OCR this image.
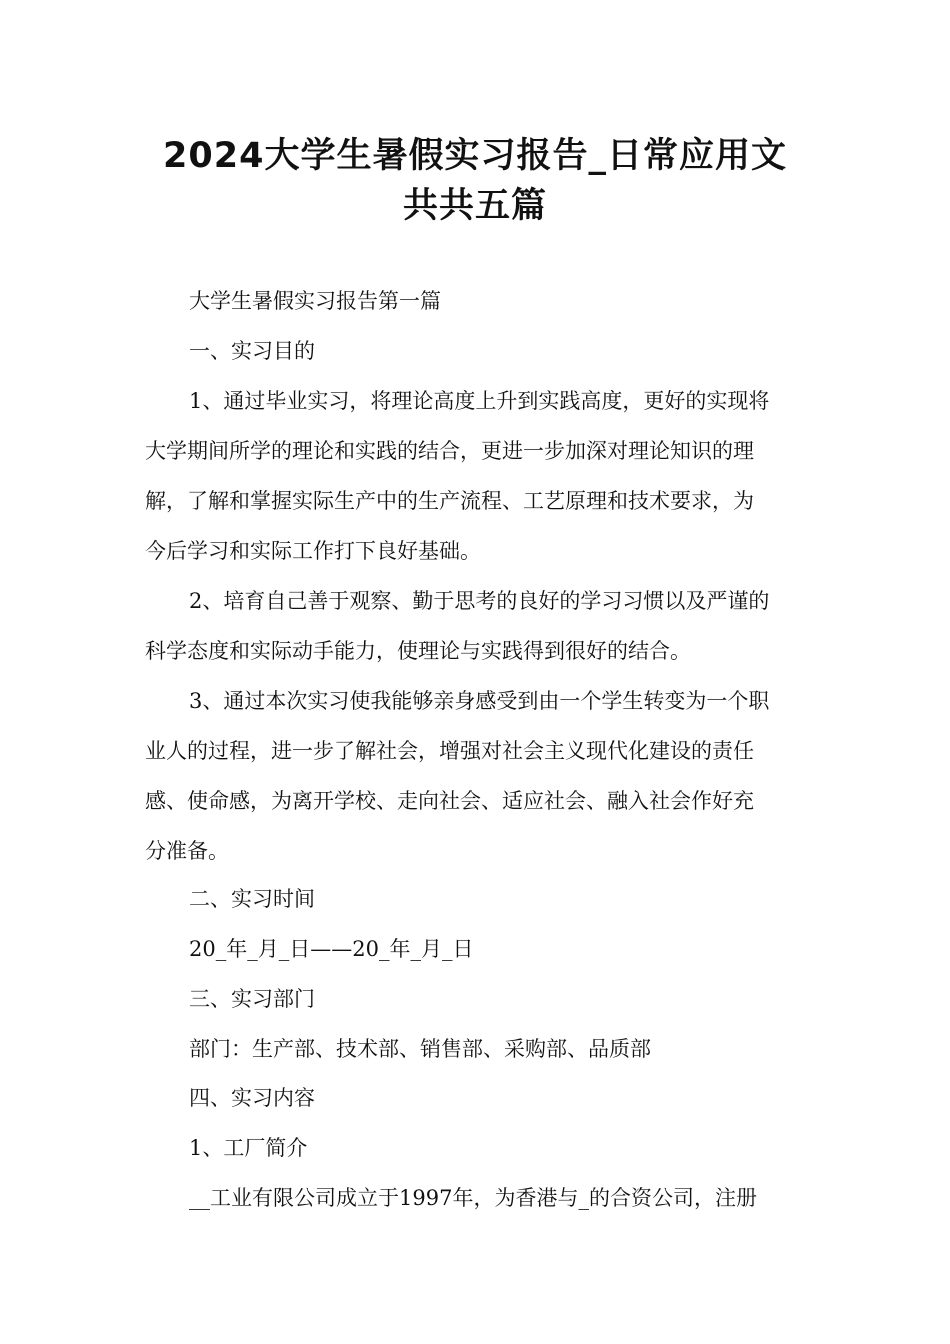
2024大学生暑假实习报告_日常应用文
共共五篇
大学生暑假实习报告第一篇
一、实习目的
1、通过毕业实习，将理论高度上升到实践高度，更好的实现将
大学期间所学的理论和实践的结合，更进一步加深对理论知识的理
解，了解和掌握实际生产中的生产流程、工艺原理和技术要求，为
今后学习和实际工作打下良好基础。
2、培育自己善于观察、勤于思考的良好的学习习惯以及严谨的
科学态度和实际动手能力，使理论与实践得到很好的结合。
3、通过本次实习使我能够亲身感受到由一个学生转变为一个职
业人的过程，进一步了解社会，增强对社会主义现代化建设的责任
感、使命感，为离开学校、走向社会、适应社会、融入社会作好充
分准备。
二、实习时间
20_年_月_日——20_年_月_日
三、实习部门
部门：生产部、技术部、销售部、采购部、品质部
四、实习内容
1、工厂简介
__工业有限公司成立于1997年，为香港与_的合资公司，注册
